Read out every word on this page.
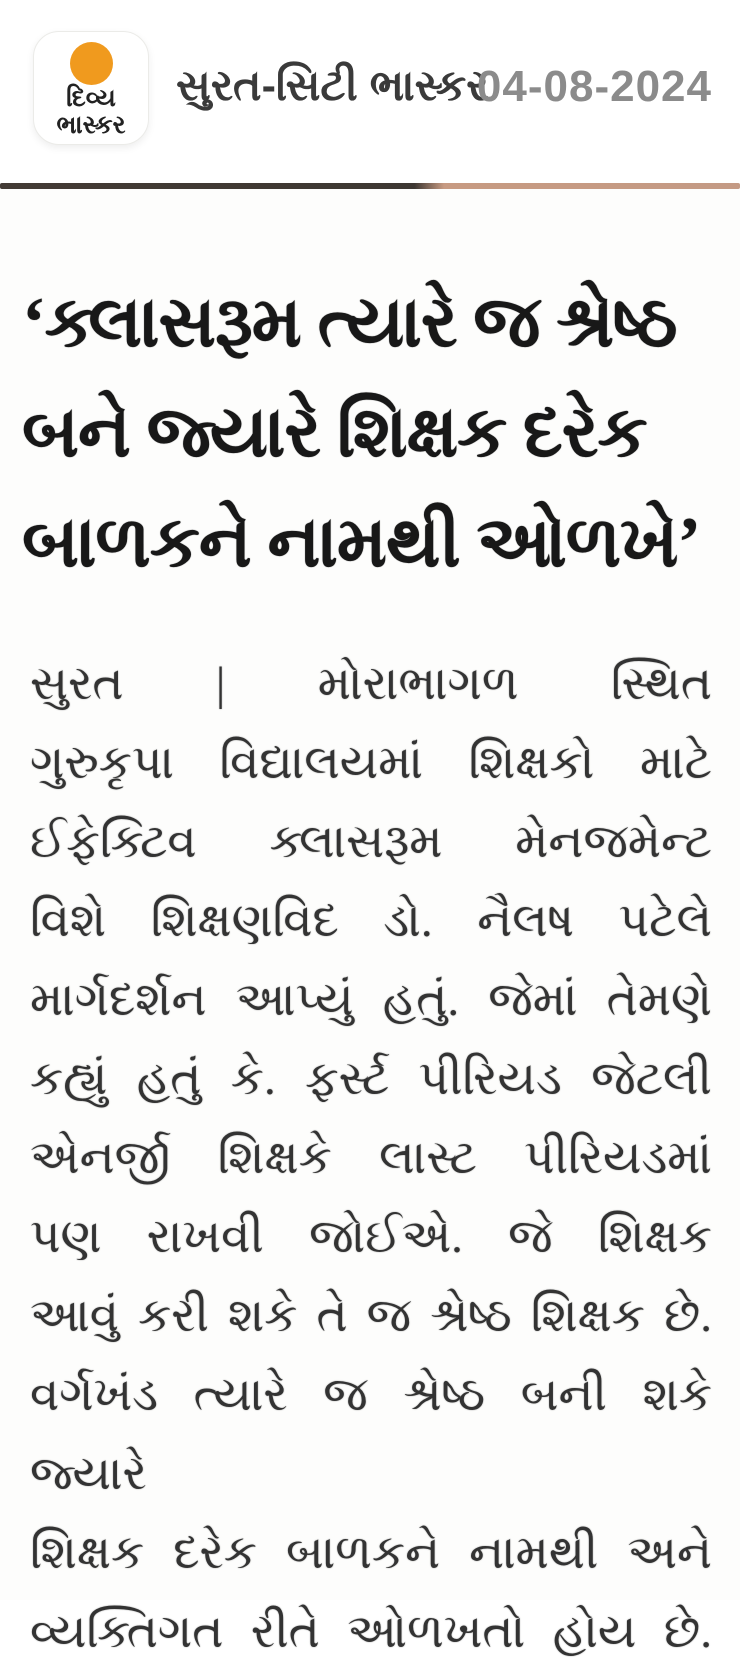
દિવ્ય
ભાસ્કર
સુરત-સિટી ભાસ્કર
04-08-2024
‘ક્લાસરૂમ ત્યારે જ શ્રેષ્ઠ
બને જ્યારે શિક્ષક દરેક
બાળકને નામથી ઓળખે’
સુરત | મોરાભાગળ સ્થિત
ગુરુકૃપા વિદ્યાલયમાં શિક્ષકો માટે
ઈફેક્ટિવ ક્લાસરૂમ મેનજમેન્ટ
વિશે શિક્ષણવિદ ડો. નૈલષ પટેલે
માર્ગદર્શન આપ્યું હતું. જેમાં તેમણે
કહ્યું હતું કે. ફર્સ્ટ પીરિયડ જેટલી
એનર્જી શિક્ષકે લાસ્ટ પીરિયડમાં
પણ રાખવી જોઈએ. જે શિક્ષક
આવું કરી શકે તે જ શ્રેષ્ઠ શિક્ષક છે.
વર્ગખંડ ત્યારે જ શ્રેષ્ઠ બની શકે જ્યારે
શિક્ષક દરેક બાળકને નામથી અને
વ્યક્તિગત રીતે ઓળખતો હોય છે.
